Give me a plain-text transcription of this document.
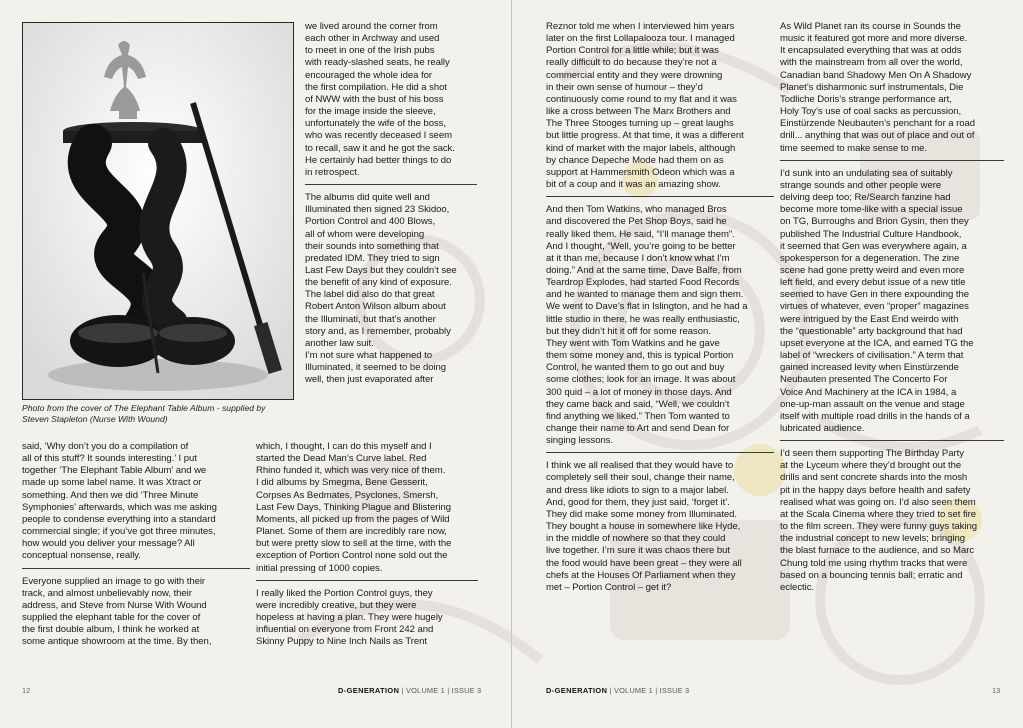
Photo from the cover of The Elephant Table Album - supplied by Steven Stapleton (Nurse With Wound)

said, ‘Why don’t you do a compilation of
all of this stuff? It sounds interesting.’ I put
together ‘The Elephant Table Album’ and we
made up some label name. It was Xtract or
something. And then we did ‘Three Minute
Symphonies’ afterwards, which was me asking
people to condense everything into a standard
commercial single; if you’ve got three minutes,
how would you deliver your message? All
conceptual nonsense, really.

Everyone supplied an image to go with their
track, and almost unbelievably now, their
address, and Steve from Nurse With Wound
supplied the elephant table for the cover of
the first double album, I think he worked at
some antique showroom at the time. By then,

we lived around the corner from
each other in Archway and used
to meet in one of the Irish pubs
with ready-slashed seats, he really
encouraged the whole idea for
the first compilation. He did a shot
of NWW with the bust of his boss
for the image inside the sleeve,
unfortunately the wife of the boss,
who was recently deceased I seem
to recall, saw it and he got the sack.
He certainly had better things to do
in retrospect.

The albums did quite well and
Illuminated then signed 23 Skidoo,
Portion Control and 400 Blows,
all of whom were developing
their sounds into something that
predated IDM. They tried to sign
Last Few Days but they couldn’t see
the benefit of any kind of exposure.
The label did also do that great
Robert Anton Wilson album about
the Illuminati, but that’s another
story and, as I remember, probably
another law suit.
I’m not sure what happened to
Illuminated, it seemed to be doing
well, then just evaporated after

which, I thought, I can do this myself and I
started the Dead Man’s Curve label. Red
Rhino funded it, which was very nice of them.
I did albums by Smegma, Bene Gesserit,
Corpses As Bedmates, Psyclones, Smersh,
Last Few Days, Thinking Plague and Blistering
Moments, all picked up from the pages of Wild
Planet. Some of them are incredibly rare now,
but were pretty slow to sell at the time, with the
exception of Portion Control none sold out the
initial pressing of 1000 copies.

I really liked the Portion Control guys, they
were incredibly creative, but they were
hopeless at having a plan. They were hugely
influential on everyone from Front 242 and
Skinny Puppy to Nine Inch Nails as Trent

Reznor told me when I interviewed him years
later on the first Lollapalooza tour. I managed
Portion Control for a little while; but it was
really difficult to do because they’re not a
commercial entity and they were drowning
in their own sense of humour – they’d
continuously come round to my flat and it was
like a cross between The Marx Brothers and
The Three Stooges turning up – great laughs
but little progress. At that time, it was a different
kind of market with the major labels, although
by chance Depeche Mode had them on as
support at Hammersmith Odeon which was a
bit of a coup and it was an amazing show.

And then Tom Watkins, who managed Bros
and discovered the Pet Shop Boys, said he
really liked them. He said, “I’ll manage them”.
And I thought, “Well, you’re going to be better
at it than me, because I don’t know what I’m
doing.” And at the same time, Dave Balfe, from
Teardrop Explodes, had started Food Records
and he wanted to manage them and sign them.
We went to Dave’s flat in Islington, and he had a
little studio in there, he was really enthusiastic,
but they didn’t hit it off for some reason.
They went with Tom Watkins and he gave
them some money and, this is typical Portion
Control, he wanted them to go out and buy
some clothes; look for an image. It was about
300 quid – a lot of money in those days. And
they came back and said, “Well, we couldn’t
find anything we liked.” Then Tom wanted to
change their name to Art and send Dean for
singing lessons.

I think we all realised that they would have to
completely sell their soul, change their name,
and dress like idiots to sign to a major label.
And, good for them, they just said, ‘forget it’.
They did make some money from Illuminated.
They bought a house in somewhere like Hyde,
in the middle of nowhere so that they could
live together. I’m sure it was chaos there but
the food would have been great – they were all
chefs at the Houses Of Parliament when they
met – Portion Control – get it?

As Wild Planet ran its course in Sounds the
music it featured got more and more diverse.
It encapsulated everything that was at odds
with the mainstream from all over the world,
Canadian band Shadowy Men On A Shadowy
Planet’s disharmonic surf instrumentals, Die
Todliche Doris’s strange performance art,
Holy Toy’s use of coal sacks as percussion,
Einstürzende Neubauten’s penchant for a road
drill... anything that was out of place and out of
time seemed to make sense to me.

I’d sunk into an undulating sea of suitably
strange sounds and other people were
delving deep too; Re/Search fanzine had
become more tome-like with a special issue
on TG, Burroughs and Brion Gysin, then they
published The Industrial Culture Handbook,
it seemed that Gen was everywhere again, a
spokesperson for a degeneration. The zine
scene had gone pretty weird and even more
left field, and every debut issue of a new title
seemed to have Gen in there expounding the
virtues of whatever, even “proper” magazines
were intrigued by the East End weirdo with
the “questionable” arty background that had
upset everyone at the ICA, and earned TG the
label of “wreckers of civilisation.” A term that
gained increased levity when Einstürzende
Neubauten presented The Concerto For
Voice And Machinery at the ICA in 1984, a
one-up-man assault on the venue and stage
itself with multiple road drills in the hands of a
lubricated audience.

I’d seen them supporting The Birthday Party
at the Lyceum where they’d brought out the
drills and sent concrete shards into the mosh
pit in the happy days before health and safety
realised what was going on. I’d also seen them
at the Scala Cinema where they tried to set fire
to the film screen. They were funny guys taking
the industrial concept to new levels; bringing
the blast furnace to the audience, and so Marc
Chung told me using rhythm tracks that were
based on a bouncing tennis ball; erratic and
eclectic.

12	D-GENERATION | VOLUME 1 | ISSUE 3	D-GENERATION | VOLUME 1 | ISSUE 3	13
